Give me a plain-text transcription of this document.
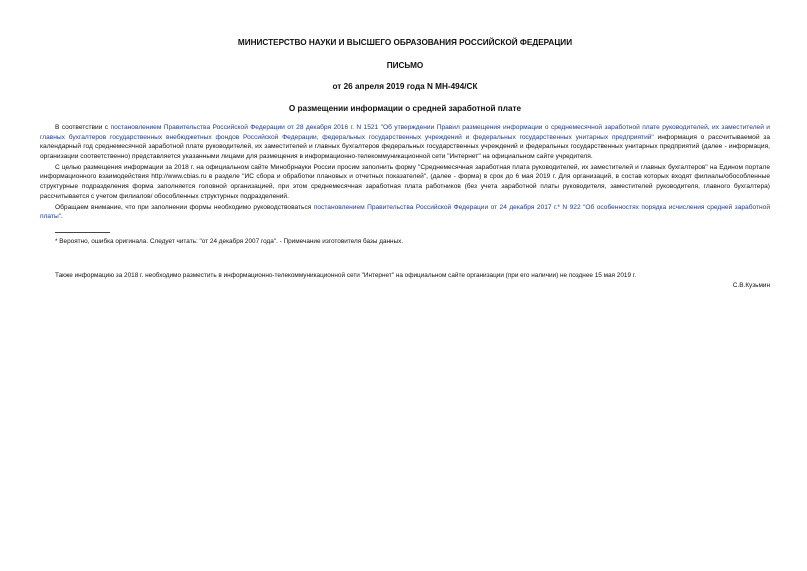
МИНИСТЕРСТВО НАУКИ И ВЫСШЕГО ОБРАЗОВАНИЯ РОССИЙСКОЙ ФЕДЕРАЦИИ
ПИСЬМО
от 26 апреля 2019 года N МН-494/СК
О размещении информации о средней заработной плате

В соответствии с постановлением Правительства Российской Федерации от 28 декабря 2016 г. N 1521 "Об утверждении Правил размещения информации о среднемесячной заработной плате руководителей, их заместителей и главных бухгалтеров государственных внебюджетных фондов Российской Федерации, федеральных государственных учреждений и федеральных государственных унитарных предприятий" информация о рассчитываемой за календарный год среднемесячной заработной плате руководителей, их заместителей и главных бухгалтеров федеральных государственных учреждений и федеральных государственных унитарных предприятий (далее - информация, организации соответственно) представляется указанными лицами для размещения в информационно-телекоммуникационной сети "Интернет" на официальном сайте учредителя.

С целью размещения информации за 2018 г. на официальном сайте Минобрнауки России просим заполнить форму "Среднемесячная заработная плата руководителей, их заместителей и главных бухгалтеров" на Едином портале информационного взаимодействия http://www.cbias.ru в разделе "ИС сбора и обработки плановых и отчетных показателей", (далее - форма) в срок до 6 мая 2019 г. Для организаций, в состав которых входят филиалы/обособленные структурные подразделения форма заполняется головной организацией, при этом среднемесячная заработная плата работников (без учета заработной платы руководителя, заместителей руководителя, главного бухгалтера) рассчитывается с учетом филиалов/ обособленных структурных подразделений.

Обращаем внимание, что при заполнении формы необходимо руководствоваться постановлением Правительства Российской Федерации от 24 декабря 2017 г.* N 922 "Об особенностях порядка исчисления средней заработной платы".

* Вероятно, ошибка оригинала. Следует читать: "от 24 декабря 2007 года". - Примечание изготовителя базы данных.
Также информацию за 2018 г. необходимо разместить в информационно-телекоммуникационной сети "Интернет" на официальном сайте организации (при его наличии) не позднее 15 мая 2019 г.
С.В.Кузьмин
